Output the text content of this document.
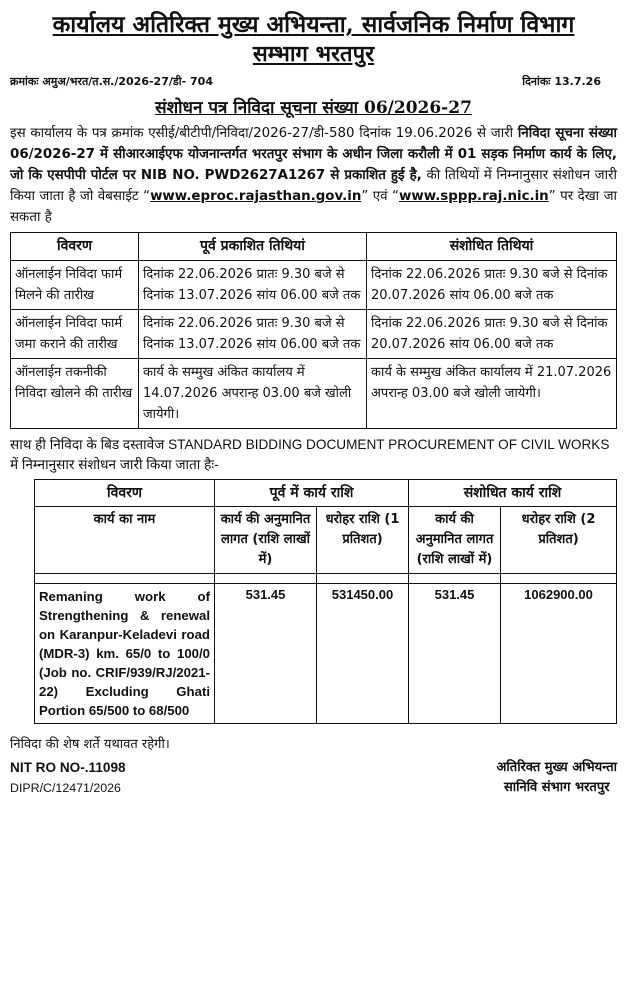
कार्यालय अतिरिक्त मुख्य अभियन्ता, सार्वजनिक निर्माण विभाग
सम्भाग भरतपुर
क्रमांकः अमुअ/भरत/त.स./2026-27/डी- 704	दिनांकः 13.7.26
संशोधन पत्र निविदा सूचना संख्या 06/2026-27

इस कार्यालय के पत्र क्रमांक एसीई/बीटीपी/निविदा/2026-27/डी-580 दिनांक 19.06.2026 से जारी निविदा सूचना संख्या 06/2026-27 में सीआरआईएफ योजनान्तर्गत भरतपुर संभाग के अधीन जिला करौली में 01 सड़क निर्माण कार्य के लिए, जो कि एसपीपी पोर्टल पर NIB NO. PWD2627A1267 से प्रकाशित हुई है, की तिथियों में निम्नानुसार संशोधन जारी किया जाता है जो वेबसाईट “www.eproc.rajasthan.gov.in” एवं “www.sppp.raj.nic.in” पर देखा जा सकता है

विवरण	पूर्व प्रकाशित तिथियां	संशोधित तिथियां
ऑनलाईन निविदा फार्म मिलने की तारीख	दिनांक 22.06.2026 प्रातः 9.30 बजे से दिनांक 13.07.2026 सांय 06.00 बजे तक	दिनांक 22.06.2026 प्रातः 9.30 बजे से दिनांक 20.07.2026 सांय 06.00 बजे तक
ऑनलाईन निविदा फार्म जमा कराने की तारीख	दिनांक 22.06.2026 प्रातः 9.30 बजे से दिनांक 13.07.2026 सांय 06.00 बजे तक	दिनांक 22.06.2026 प्रातः 9.30 बजे से दिनांक 20.07.2026 सांय 06.00 बजे तक
ऑनलाईन तकनीकी निविदा खोलने की तारीख	कार्य के सम्मुख अंकित कार्यालय में 14.07.2026 अपरान्ह 03.00 बजे खोली जायेगी।	कार्य के सम्मुख अंकित कार्यालय में 21.07.2026 अपरान्ह 03.00 बजे खोली जायेगी।

साथ ही निविदा के बिड दस्तावेज STANDARD BIDDING DOCUMENT PROCUREMENT OF CIVIL WORKS में निम्नानुसार संशोधन जारी किया जाता हैः-

विवरण	पूर्व में कार्य राशि		संशोधित कार्य राशि	
कार्य का नाम	कार्य की अनुमानित लागत (राशि लाखों में)	धरोहर राशि (1 प्रतिशत)	कार्य की अनुमानित लागत (राशि लाखों में)	धरोहर राशि (2 प्रतिशत)

Remaning work of Strengthening & renewal on Karanpur-Keladevi road (MDR-3) km. 65/0 to 100/0 (Job no. CRIF/939/RJ/2021-22) Excluding Ghati Portion 65/500 to 68/500	531.45	531450.00	531.45	1062900.00

निविदा की शेष शर्ते यथावत रहेगी।

NIT RO NO-.11098
DIPR/C/12471/2026
अतिरिक्त मुख्य अभियन्ता
सानिवि संभाग भरतपुर
